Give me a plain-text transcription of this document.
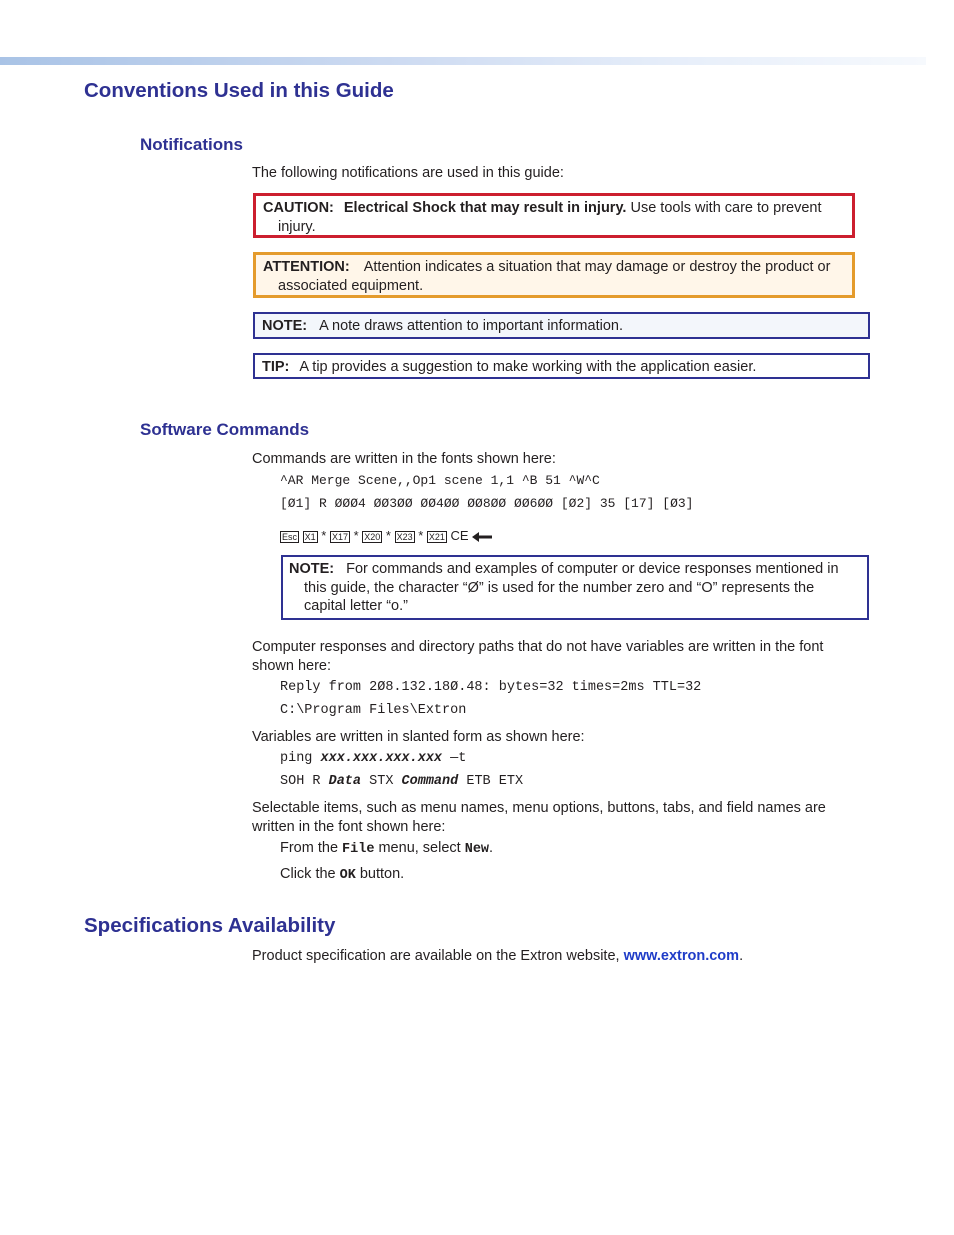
Conventions Used in this Guide
Notifications

The following notifications are used in this guide:

CAUTION: Electrical Shock that may result in injury. Use tools with care to prevent injury.
ATTENTION: Attention indicates a situation that may damage or destroy the product or associated equipment.
NOTE: A note draws attention to important information.
TIP: A tip provides a suggestion to make working with the application easier.
Software Commands

Commands are written in the fonts shown here:

^AR Merge Scene,,Op1 scene 1,1 ^B 51 ^W^C

[Ø1] R ØØØ4 ØØ3ØØ ØØ4ØØ ØØ8ØØ ØØ6ØØ [Ø2] 35 [17] [Ø3]

Esc X1 * X17 * X20 * X23 * X21 CE
NOTE: For commands and examples of computer or device responses mentioned in this guide, the character “Ø” is used for the number zero and “O” represents the capital letter “o.”

Computer responses and directory paths that do not have variables are written in the font shown here:

Reply from 2Ø8.132.18Ø.48: bytes=32 times=2ms TTL=32

C:\Program Files\Extron

Variables are written in slanted form as shown here:

ping xxx.xxx.xxx.xxx —t

SOH R Data STX Command ETB ETX

Selectable items, such as menu names, menu options, buttons, tabs, and field names are written in the font shown here:

From the File menu, select New.

Click the OK button.

Specifications Availability

Product specification are available on the Extron website, www.extron.com.
